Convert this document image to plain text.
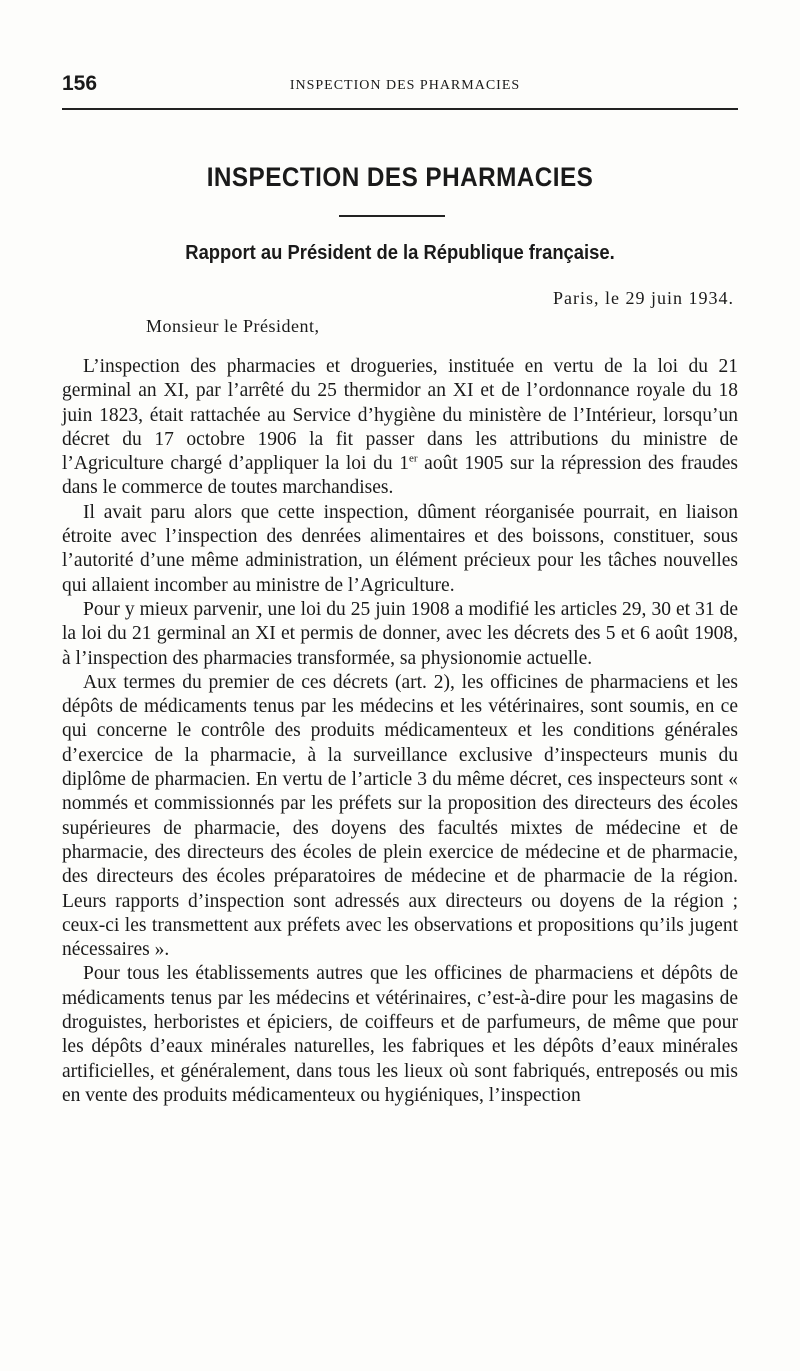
156	INSPECTION DES PHARMACIES
INSPECTION DES PHARMACIES
Rapport au Président de la République française.
Paris, le 29 juin 1934.
Monsieur le Président,

L’inspection des pharmacies et drogueries, instituée en vertu de la loi du 21 germinal an XI, par l’arrêté du 25 thermidor an XI et de l’ordonnance royale du 18 juin 1823, était rattachée au Service d’hygiène du ministère de l’Intérieur, lorsqu’un décret du 17 octobre 1906 la fit passer dans les attributions du ministre de l’Agriculture chargé d’appliquer la loi du 1er août 1905 sur la répression des fraudes dans le commerce de toutes marchandises.

Il avait paru alors que cette inspection, dûment réorganisée pourrait, en liaison étroite avec l’inspection des denrées alimentaires et des boissons, constituer, sous l’autorité d’une même administration, un élément précieux pour les tâches nouvelles qui allaient incomber au ministre de l’Agriculture.

Pour y mieux parvenir, une loi du 25 juin 1908 a modifié les articles 29, 30 et 31 de la loi du 21 germinal an XI et permis de donner, avec les décrets des 5 et 6 août 1908, à l’inspection des pharmacies transformée, sa physionomie actuelle.

Aux termes du premier de ces décrets (art. 2), les officines de pharmaciens et les dépôts de médicaments tenus par les médecins et les vétérinaires, sont soumis, en ce qui concerne le contrôle des produits médicamenteux et les conditions générales d’exercice de la pharmacie, à la surveillance exclusive d’inspecteurs munis du diplôme de pharmacien. En vertu de l’article 3 du même décret, ces inspecteurs sont « nommés et commissionnés par les préfets sur la proposition des directeurs des écoles supérieures de pharmacie, des doyens des facultés mixtes de médecine et de pharmacie, des directeurs des écoles de plein exercice de médecine et de pharmacie, des directeurs des écoles préparatoires de médecine et de pharmacie de la région. Leurs rapports d’inspection sont adressés aux directeurs ou doyens de la région ; ceux-ci les transmettent aux préfets avec les observations et propositions qu’ils jugent nécessaires ».

Pour tous les établissements autres que les officines de pharmaciens et dépôts de médicaments tenus par les médecins et vétérinaires, c’est-à-dire pour les magasins de droguistes, herboristes et épiciers, de coiffeurs et de parfumeurs, de même que pour les dépôts d’eaux minérales naturelles, les fabriques et les dépôts d’eaux minérales artificielles, et généralement, dans tous les lieux où sont fabriqués, entreposés ou mis en vente des produits médicamenteux ou hygiéniques, l’inspection
